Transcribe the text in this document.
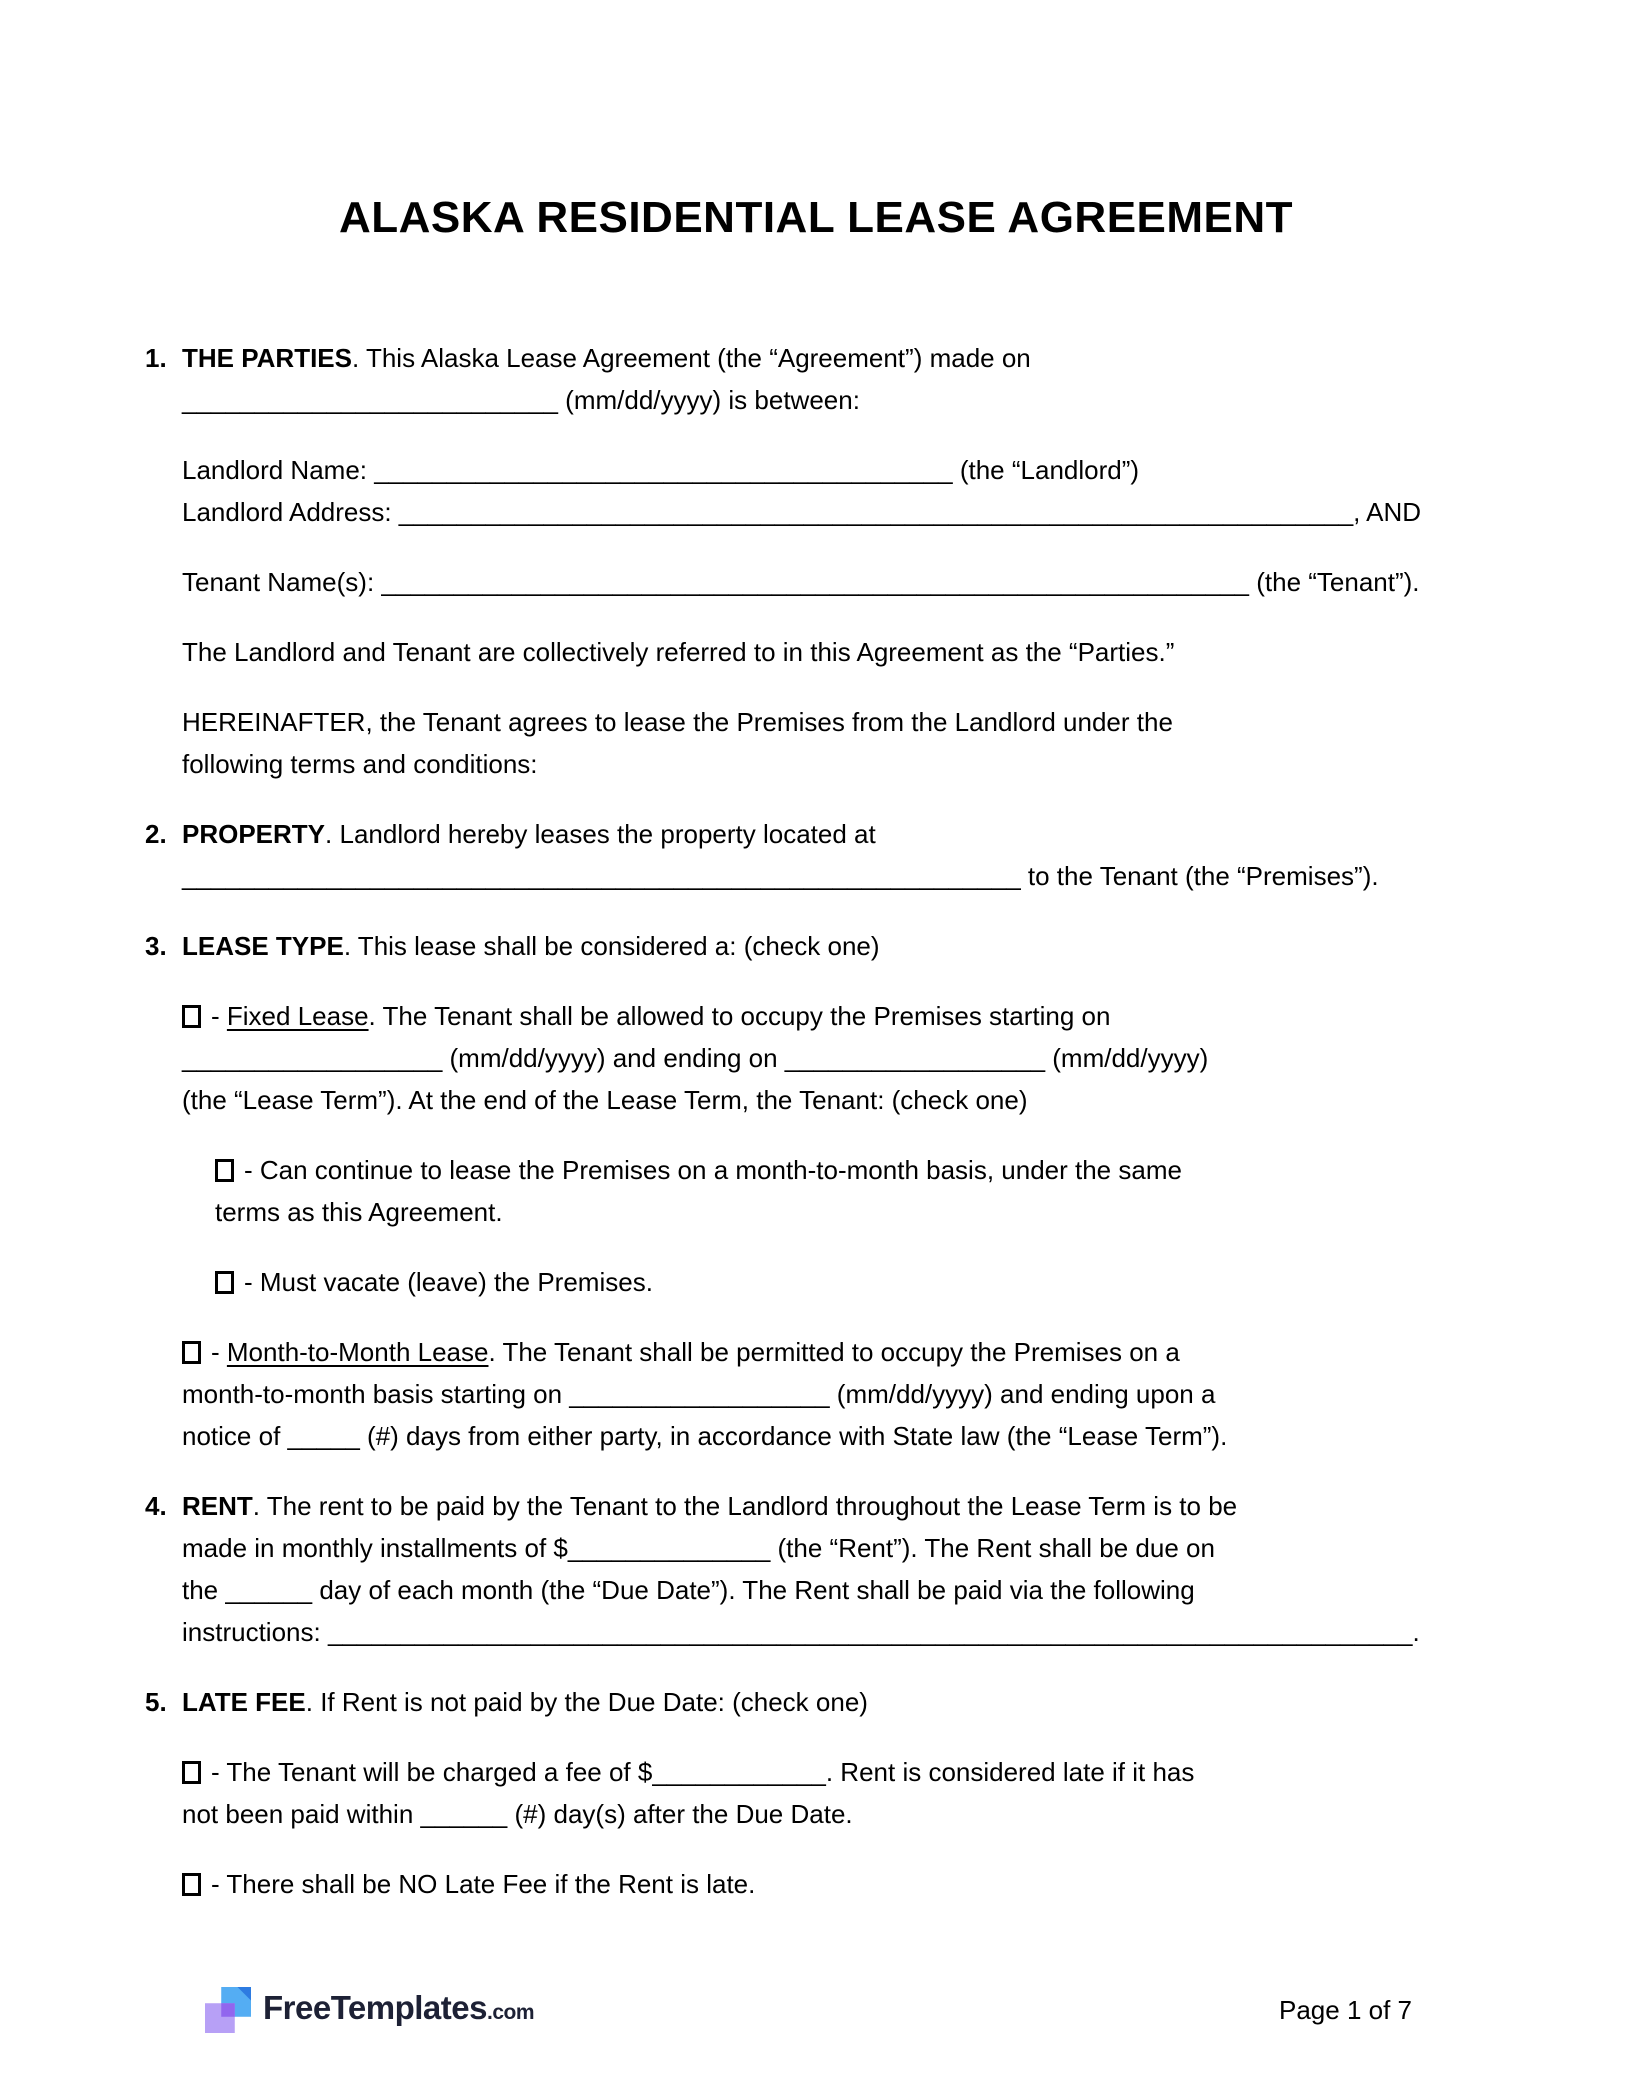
ALASKA RESIDENTIAL LEASE AGREEMENT
1. THE PARTIES. This Alaska Lease Agreement (the “Agreement”) made on
__________________________ (mm/dd/yyyy) is between:
Landlord Name: ________________________________________ (the “Landlord”)
Landlord Address: __________________________________________________________________, AND
Tenant Name(s): ____________________________________________________________ (the “Tenant”).
The Landlord and Tenant are collectively referred to in this Agreement as the “Parties.”
HEREINAFTER, the Tenant agrees to lease the Premises from the Landlord under the
following terms and conditions:
2. PROPERTY. Landlord hereby leases the property located at
__________________________________________________________ to the Tenant (the “Premises”).
3. LEASE TYPE. This lease shall be considered a: (check one)
- Fixed Lease. The Tenant shall be allowed to occupy the Premises starting on
__________________ (mm/dd/yyyy) and ending on __________________ (mm/dd/yyyy)
(the “Lease Term”). At the end of the Lease Term, the Tenant: (check one)
- Can continue to lease the Premises on a month-to-month basis, under the same
terms as this Agreement.
- Must vacate (leave) the Premises.
- Month-to-Month Lease. The Tenant shall be permitted to occupy the Premises on a
month-to-month basis starting on __________________ (mm/dd/yyyy) and ending upon a
notice of _____ (#) days from either party, in accordance with State law (the “Lease Term”).
4. RENT. The rent to be paid by the Tenant to the Landlord throughout the Lease Term is to be
made in monthly installments of $______________ (the “Rent”). The Rent shall be due on
the ______ day of each month (the “Due Date”). The Rent shall be paid via the following
instructions: ___________________________________________________________________________.
5. LATE FEE. If Rent is not paid by the Due Date: (check one)
- The Tenant will be charged a fee of $____________. Rent is considered late if it has
not been paid within ______ (#) day(s) after the Due Date.
- There shall be NO Late Fee if the Rent is late.
FreeTemplates.com	Page 1 of 7
